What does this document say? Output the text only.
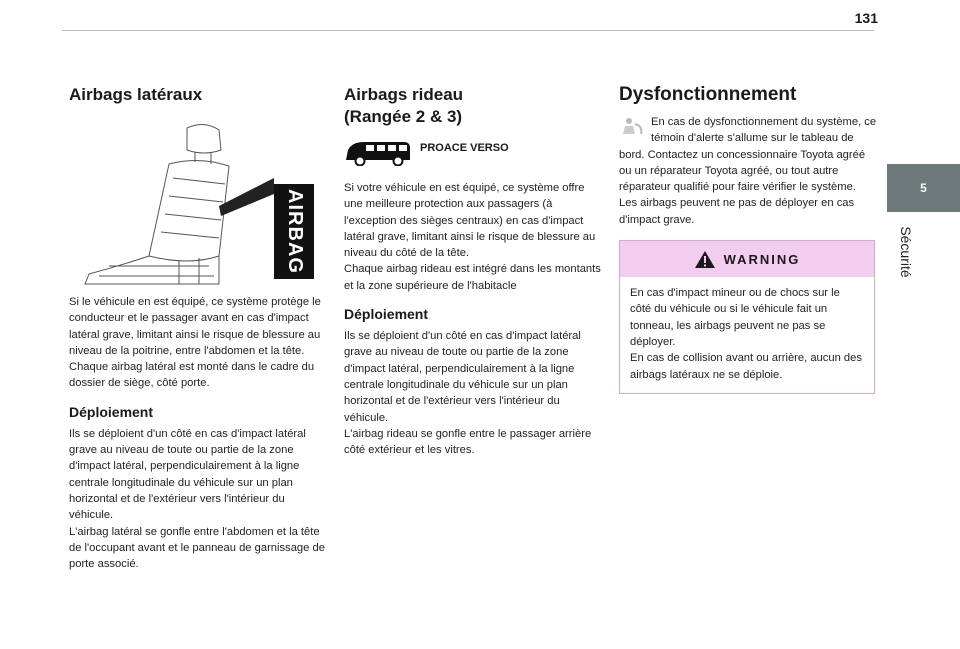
131
5
Sécurité
Airbags latéraux
AIRBAG

Si le véhicule en est équipé, ce système protège le conducteur et le passager avant en cas d'impact latéral grave, limitant ainsi le risque de blessure au niveau de la poitrine, entre l'abdomen et la tête.
Chaque airbag latéral est monté dans le cadre du dossier de siège, côté porte.

Déploiement

Ils se déploient d'un côté en cas d'impact latéral grave au niveau de toute ou partie de la zone d'impact latéral, perpendiculairement à la ligne centrale longitudinale du véhicule sur un plan horizontal et de l'extérieur vers l'intérieur du véhicule.
L'airbag latéral se gonfle entre l'abdomen et la tête de l'occupant avant et le panneau de garnissage de porte associé.

Airbags rideau
(Rangée 2 & 3)
PROACE VERSO

Si votre véhicule en est équipé, ce système offre une meilleure protection aux passagers (à l'exception des sièges centraux) en cas d'impact latéral grave, limitant ainsi le risque de blessure au niveau du côté de la tête.
Chaque airbag rideau est intégré dans les montants et la zone supérieure de l'habitacle

Déploiement

Ils se déploient d'un côté en cas d'impact latéral grave au niveau de toute ou partie de la zone d'impact latéral, perpendiculairement à la ligne centrale longitudinale du véhicule sur un plan horizontal et de l'extérieur vers l'intérieur du véhicule.
L'airbag rideau se gonfle entre le passager arrière côté extérieur et les vitres.

Dysfonctionnement

En cas de dysfonctionnement du système, ce témoin d'alerte s'allume sur le tableau de bord. Contactez un concessionnaire Toyota agréé ou un réparateur Toyota agréé, ou tout autre réparateur qualifié pour faire vérifier le système.
Les airbags peuvent ne pas de déployer en cas d'impact grave.

WARNING

En cas d'impact mineur ou de chocs sur le côté du véhicule ou si le véhicule fait un tonneau, les airbags peuvent ne pas se déployer.
En cas de collision avant ou arrière, aucun des airbags latéraux ne se déploie.
